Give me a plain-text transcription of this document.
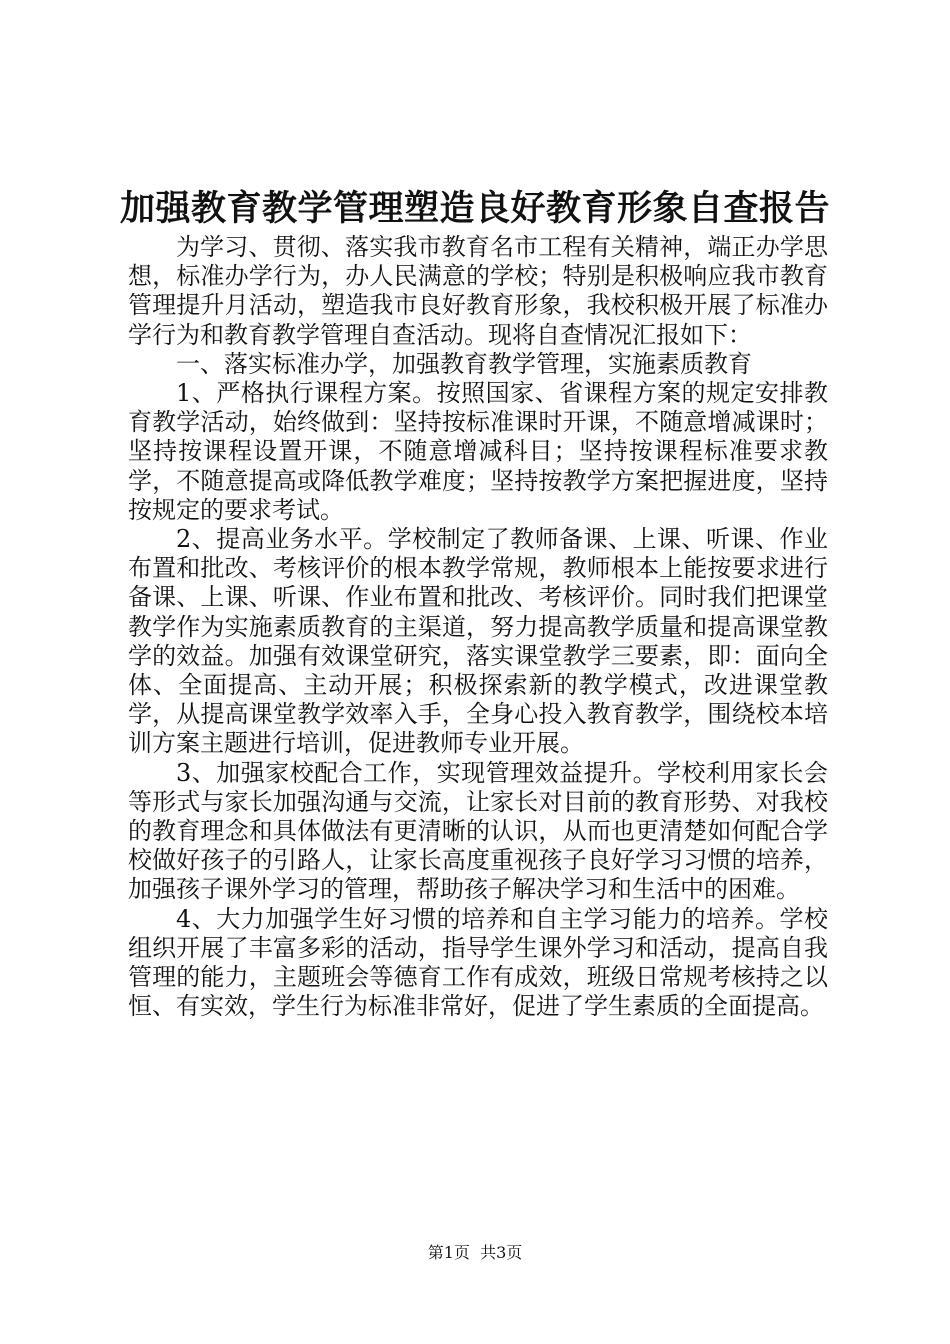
加强教育教学管理塑造良好教育形象自查报告

为学习、贯彻、落实我市教育名市工程有关精神，端正办学思想，标准办学行为，办人民满意的学校；特别是积极响应我市教育管理提升月活动，塑造我市良好教育形象，我校积极开展了标准办学行为和教育教学管理自查活动。现将自查情况汇报如下：

一、落实标准办学，加强教育教学管理，实施素质教育

1、严格执行课程方案。按照国家、省课程方案的规定安排教育教学活动，始终做到：坚持按标准课时开课，不随意增减课时；坚持按课程设置开课，不随意增减科目；坚持按课程标准要求教学，不随意提高或降低教学难度；坚持按教学方案把握进度，坚持按规定的要求考试。

2、提高业务水平。学校制定了教师备课、上课、听课、作业布置和批改、考核评价的根本教学常规，教师根本上能按要求进行备课、上课、听课、作业布置和批改、考核评价。同时我们把课堂教学作为实施素质教育的主渠道，努力提高教学质量和提高课堂教学的效益。加强有效课堂研究，落实课堂教学三要素，即：面向全体、全面提高、主动开展；积极探索新的教学模式，改进课堂教学，从提高课堂教学效率入手，全身心投入教育教学，围绕校本培训方案主题进行培训，促进教师专业开展。

3、加强家校配合工作，实现管理效益提升。学校利用家长会等形式与家长加强沟通与交流，让家长对目前的教育形势、对我校的教育理念和具体做法有更清晰的认识，从而也更清楚如何配合学校做好孩子的引路人，让家长高度重视孩子良好学习习惯的培养，加强孩子课外学习的管理，帮助孩子解决学习和生活中的困难。

4、大力加强学生好习惯的培养和自主学习能力的培养。学校组织开展了丰富多彩的活动，指导学生课外学习和活动，提高自我管理的能力，主题班会等德育工作有成效，班级日常规考核持之以恒、有实效，学生行为标准非常好，促进了学生素质的全面提高。

第1页 共3页
